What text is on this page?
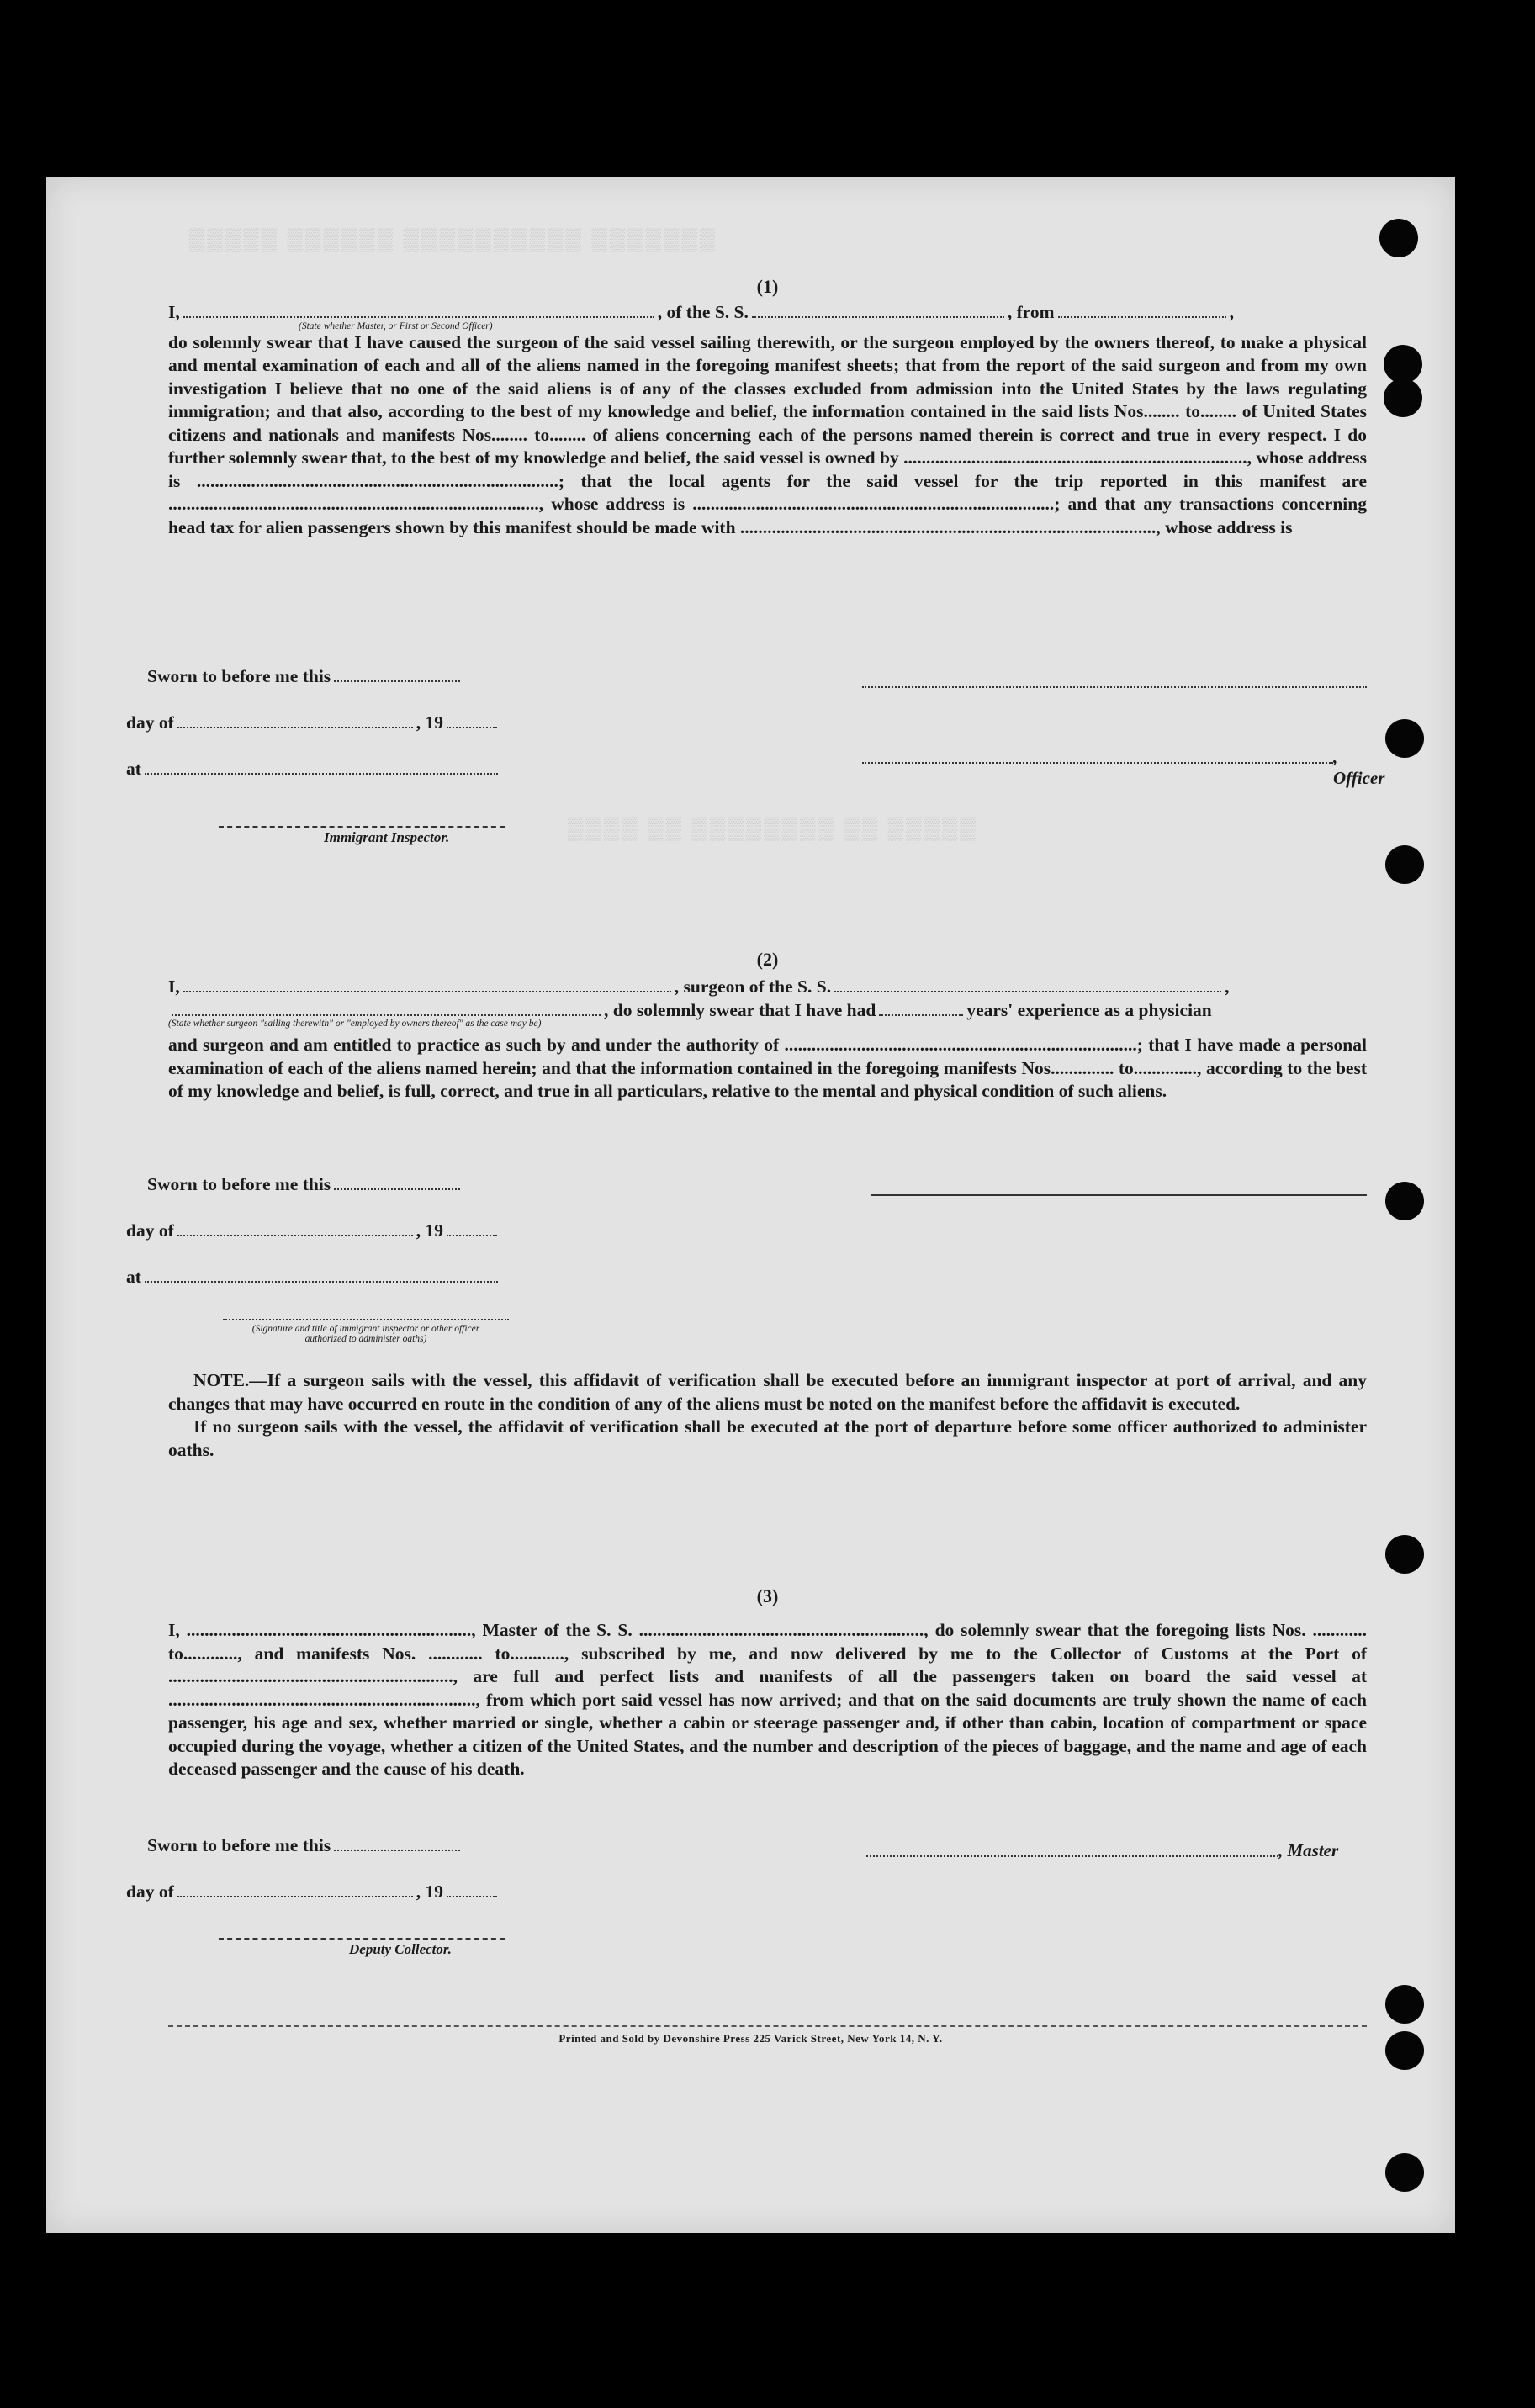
▒▒▒▒▒ ▒▒▒▒▒▒ ▒▒▒▒▒▒▒▒▒▒ ▒▒▒▒▒▒▒
▒▒▒▒ ▒▒ ▒▒▒▒▒▒▒▒ ▒▒ ▒▒▒▒▒
(1)
I,	, of the S. S.	, from	,
(State whether Master, or First or Second Officer)
do solemnly swear that I have caused the surgeon of the said vessel sailing therewith, or the surgeon employed by the owners thereof, to make a physical and mental examination of each and all of the aliens named in the foregoing manifest sheets; that from the report of the said surgeon and from my own investigation I believe that no one of the said aliens is of any of the classes excluded from admission into the United States by the laws regulating immigration; and that also, according to the best of my knowledge and belief, the information contained in the said lists Nos........ to........ of United States citizens and nationals and manifests Nos........ to........ of aliens concerning each of the persons named therein is correct and true in every respect. I do further solemnly swear that, to the best of my knowledge and belief, the said vessel is owned by ............................................................................, whose address is ................................................................................; that the local agents for the said vessel for the trip reported in this manifest are .................................................................................., whose address is ................................................................................; and that any transactions concerning head tax for alien passengers shown by this manifest should be made with ............................................................................................, whose address is
Sworn to before me this
day of	, 19
at
Immigrant Inspector.
, Officer
(2)
I,	, surgeon of the S. S.	,
, do solemnly swear that I have had	years' experience as a physician
(State whether surgeon "sailing therewith" or "employed by owners thereof" as the case may be)
and surgeon and am entitled to practice as such by and under the authority of ..............................................................................; that I have made a personal examination of each of the aliens named herein; and that the information contained in the foregoing manifests Nos.............. to.............., according to the best of my knowledge and belief, is full, correct, and true in all particulars, relative to the mental and physical condition of such aliens.
Sworn to before me this
day of	, 19
at
(Signature and title of immigrant inspector or other officer authorized to administer oaths)
NOTE.—If a surgeon sails with the vessel, this affidavit of verification shall be executed before an immigrant inspector at port of arrival, and any changes that may have occurred en route in the condition of any of the aliens must be noted on the manifest before the affidavit is executed.
If no surgeon sails with the vessel, the affidavit of verification shall be executed at the port of departure before some officer authorized to administer oaths.
(3)
I, ..............................................................., Master of the S. S. ..............................................................., do solemnly swear that the foregoing lists Nos. ............ to............, and manifests Nos. ............ to............, subscribed by me, and now delivered by me to the Collector of Customs at the Port of ..............................................................., are full and perfect lists and manifests of all the passengers taken on board the said vessel at ...................................................................., from which port said vessel has now arrived; and that on the said documents are truly shown the name of each passenger, his age and sex, whether married or single, whether a cabin or steerage passenger and, if other than cabin, location of compartment or space occupied during the voyage, whether a citizen of the United States, and the number and description of the pieces of baggage, and the name and age of each deceased passenger and the cause of his death.
Sworn to before me this
day of	, 19
Deputy Collector.
, Master
Printed and Sold by Devonshire Press 225 Varick Street, New York 14, N. Y.
